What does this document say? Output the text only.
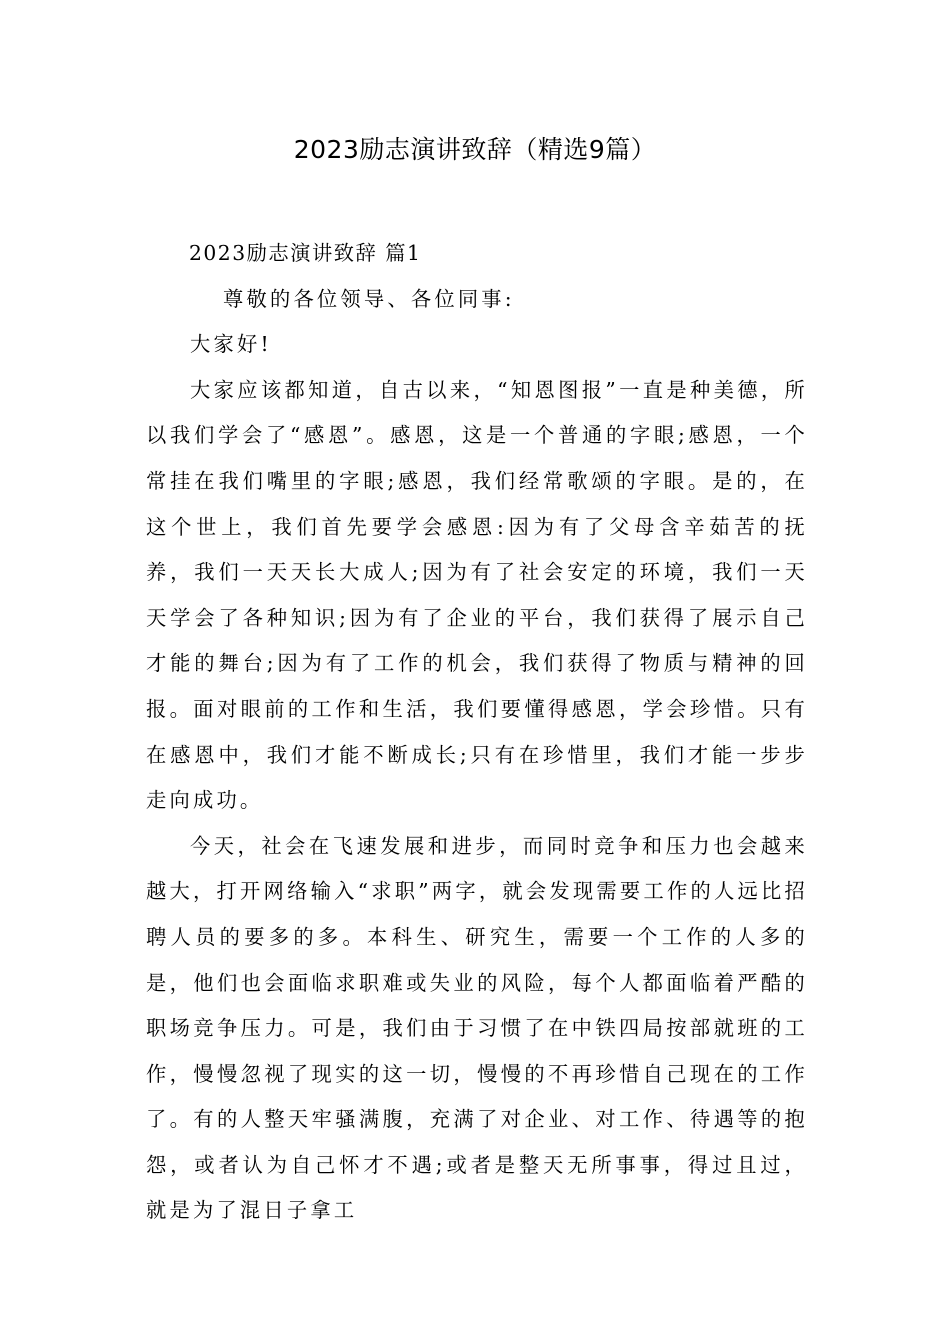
2023励志演讲致辞（精选9篇）

2023励志演讲致辞 篇1

尊敬的各位领导、各位同事:

大家好!

大家应该都知道，自古以来，“知恩图报”一直是种美德，所以我们学会了“感恩”。感恩，这是一个普通的字眼;感恩，一个常挂在我们嘴里的字眼;感恩，我们经常歌颂的字眼。是的，在这个世上，我们首先要学会感恩:因为有了父母含辛茹苦的抚养，我们一天天长大成人;因为有了社会安定的环境，我们一天天学会了各种知识;因为有了企业的平台，我们获得了展示自己才能的舞台;因为有了工作的机会，我们获得了物质与精神的回报。面对眼前的工作和生活，我们要懂得感恩，学会珍惜。只有在感恩中，我们才能不断成长;只有在珍惜里，我们才能一步步走向成功。

今天，社会在飞速发展和进步，而同时竞争和压力也会越来越大，打开网络输入“求职”两字，就会发现需要工作的人远比招聘人员的要多的多。本科生、研究生，需要一个工作的人多的是，他们也会面临求职难或失业的风险，每个人都面临着严酷的职场竞争压力。可是，我们由于习惯了在中铁四局按部就班的工作，慢慢忽视了现实的这一切，慢慢的不再珍惜自己现在的工作了。有的人整天牢骚满腹，充满了对企业、对工作、待遇等的抱怨，或者认为自己怀才不遇;或者是整天无所事事，得过且过，就是为了混日子拿工
